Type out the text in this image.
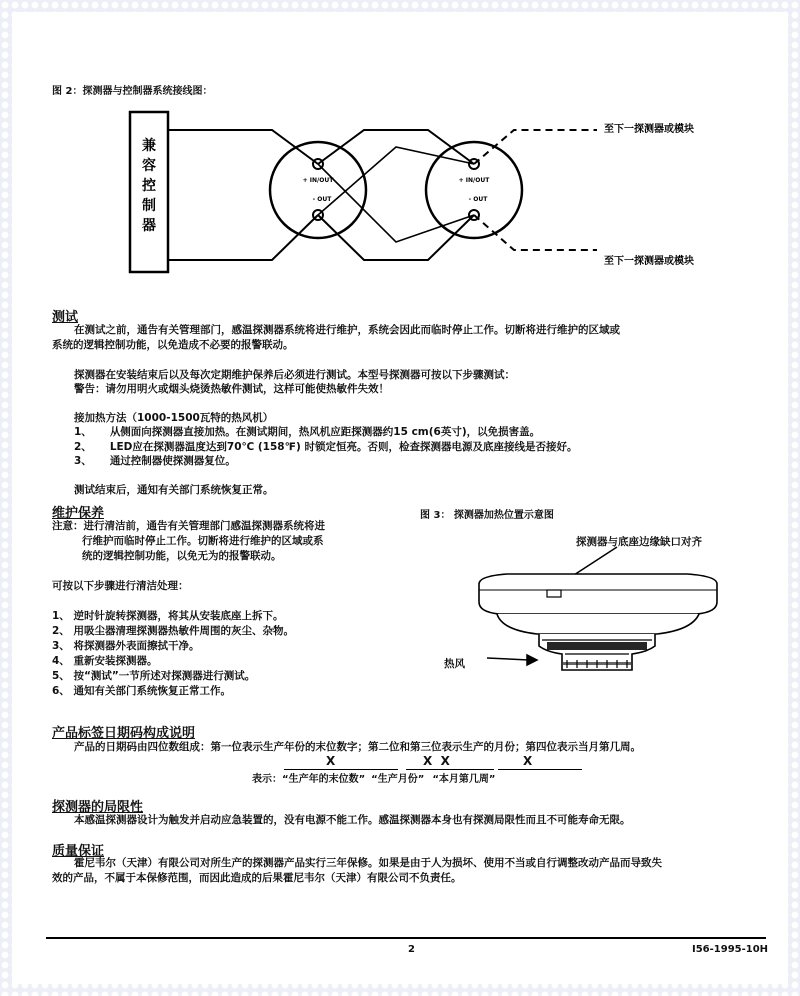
图 2：探测器与控制器系统接线图：
兼
容
控
制
器
+ IN/OUT
- OUT
+ IN/OUT
- OUT
至下一探测器或模块
至下一探测器或模块
测试
在测试之前，通告有关管理部门，感温探测器系统将进行维护，系统会因此而临时停止工作。切断将进行维护的区域或
系统的逻辑控制功能，以免造成不必要的报警联动。
探测器在安装结束后以及每次定期维护保养后必须进行测试。本型号探测器可按以下步骤测试：
警告：请勿用明火或烟头烧烫热敏件测试，这样可能使热敏件失效！
接加热方法（1000-1500瓦特的热风机）
1、 从侧面向探测器直接加热。在测试期间，热风机应距探测器约15 cm(6英寸)，以免损害盖。
2、 LED应在探测器温度达到70℃ (158℉) 时锁定恒亮。否则，检查探测器电源及底座接线是否接好。
3、 通过控制器使探测器复位。
测试结束后，通知有关部门系统恢复正常。
维护保养
注意：进行清洁前，通告有关管理部门感温探测器系统将进
行维护而临时停止工作。切断将进行维护的区域或系
统的逻辑控制功能，以免无为的报警联动。
可按以下步骤进行清洁处理：
1、 逆时针旋转探测器，将其从安装底座上拆下。
2、 用吸尘器清理探测器热敏件周围的灰尘、杂物。
3、 将探测器外表面擦拭干净。
4、 重新安装探测器。
5、 按“测试”一节所述对探测器进行测试。
6、 通知有关部门系统恢复正常工作。
图 3： 探测器加热位置示意图
探测器与底座边缘缺口对齐
热风
产品标签日期码构成说明
产品的日期码由四位数组成：第一位表示生产年份的末位数字；第二位和第三位表示生产的月份；第四位表示当月第几周。
X	X  X	X
表示：“生产年的末位数” “生产月份” “本月第几周”
探测器的局限性
本感温探测器设计为触发并启动应急装置的，没有电源不能工作。感温探测器本身也有探测局限性而且不可能寿命无限。
质量保证
霍尼韦尔（天津）有限公司对所生产的探测器产品实行三年保修。如果是由于人为损坏、使用不当或自行调整改动产品而导致失
效的产品，不属于本保修范围，而因此造成的后果霍尼韦尔（天津）有限公司不负责任。
2	I56-1995-10H
